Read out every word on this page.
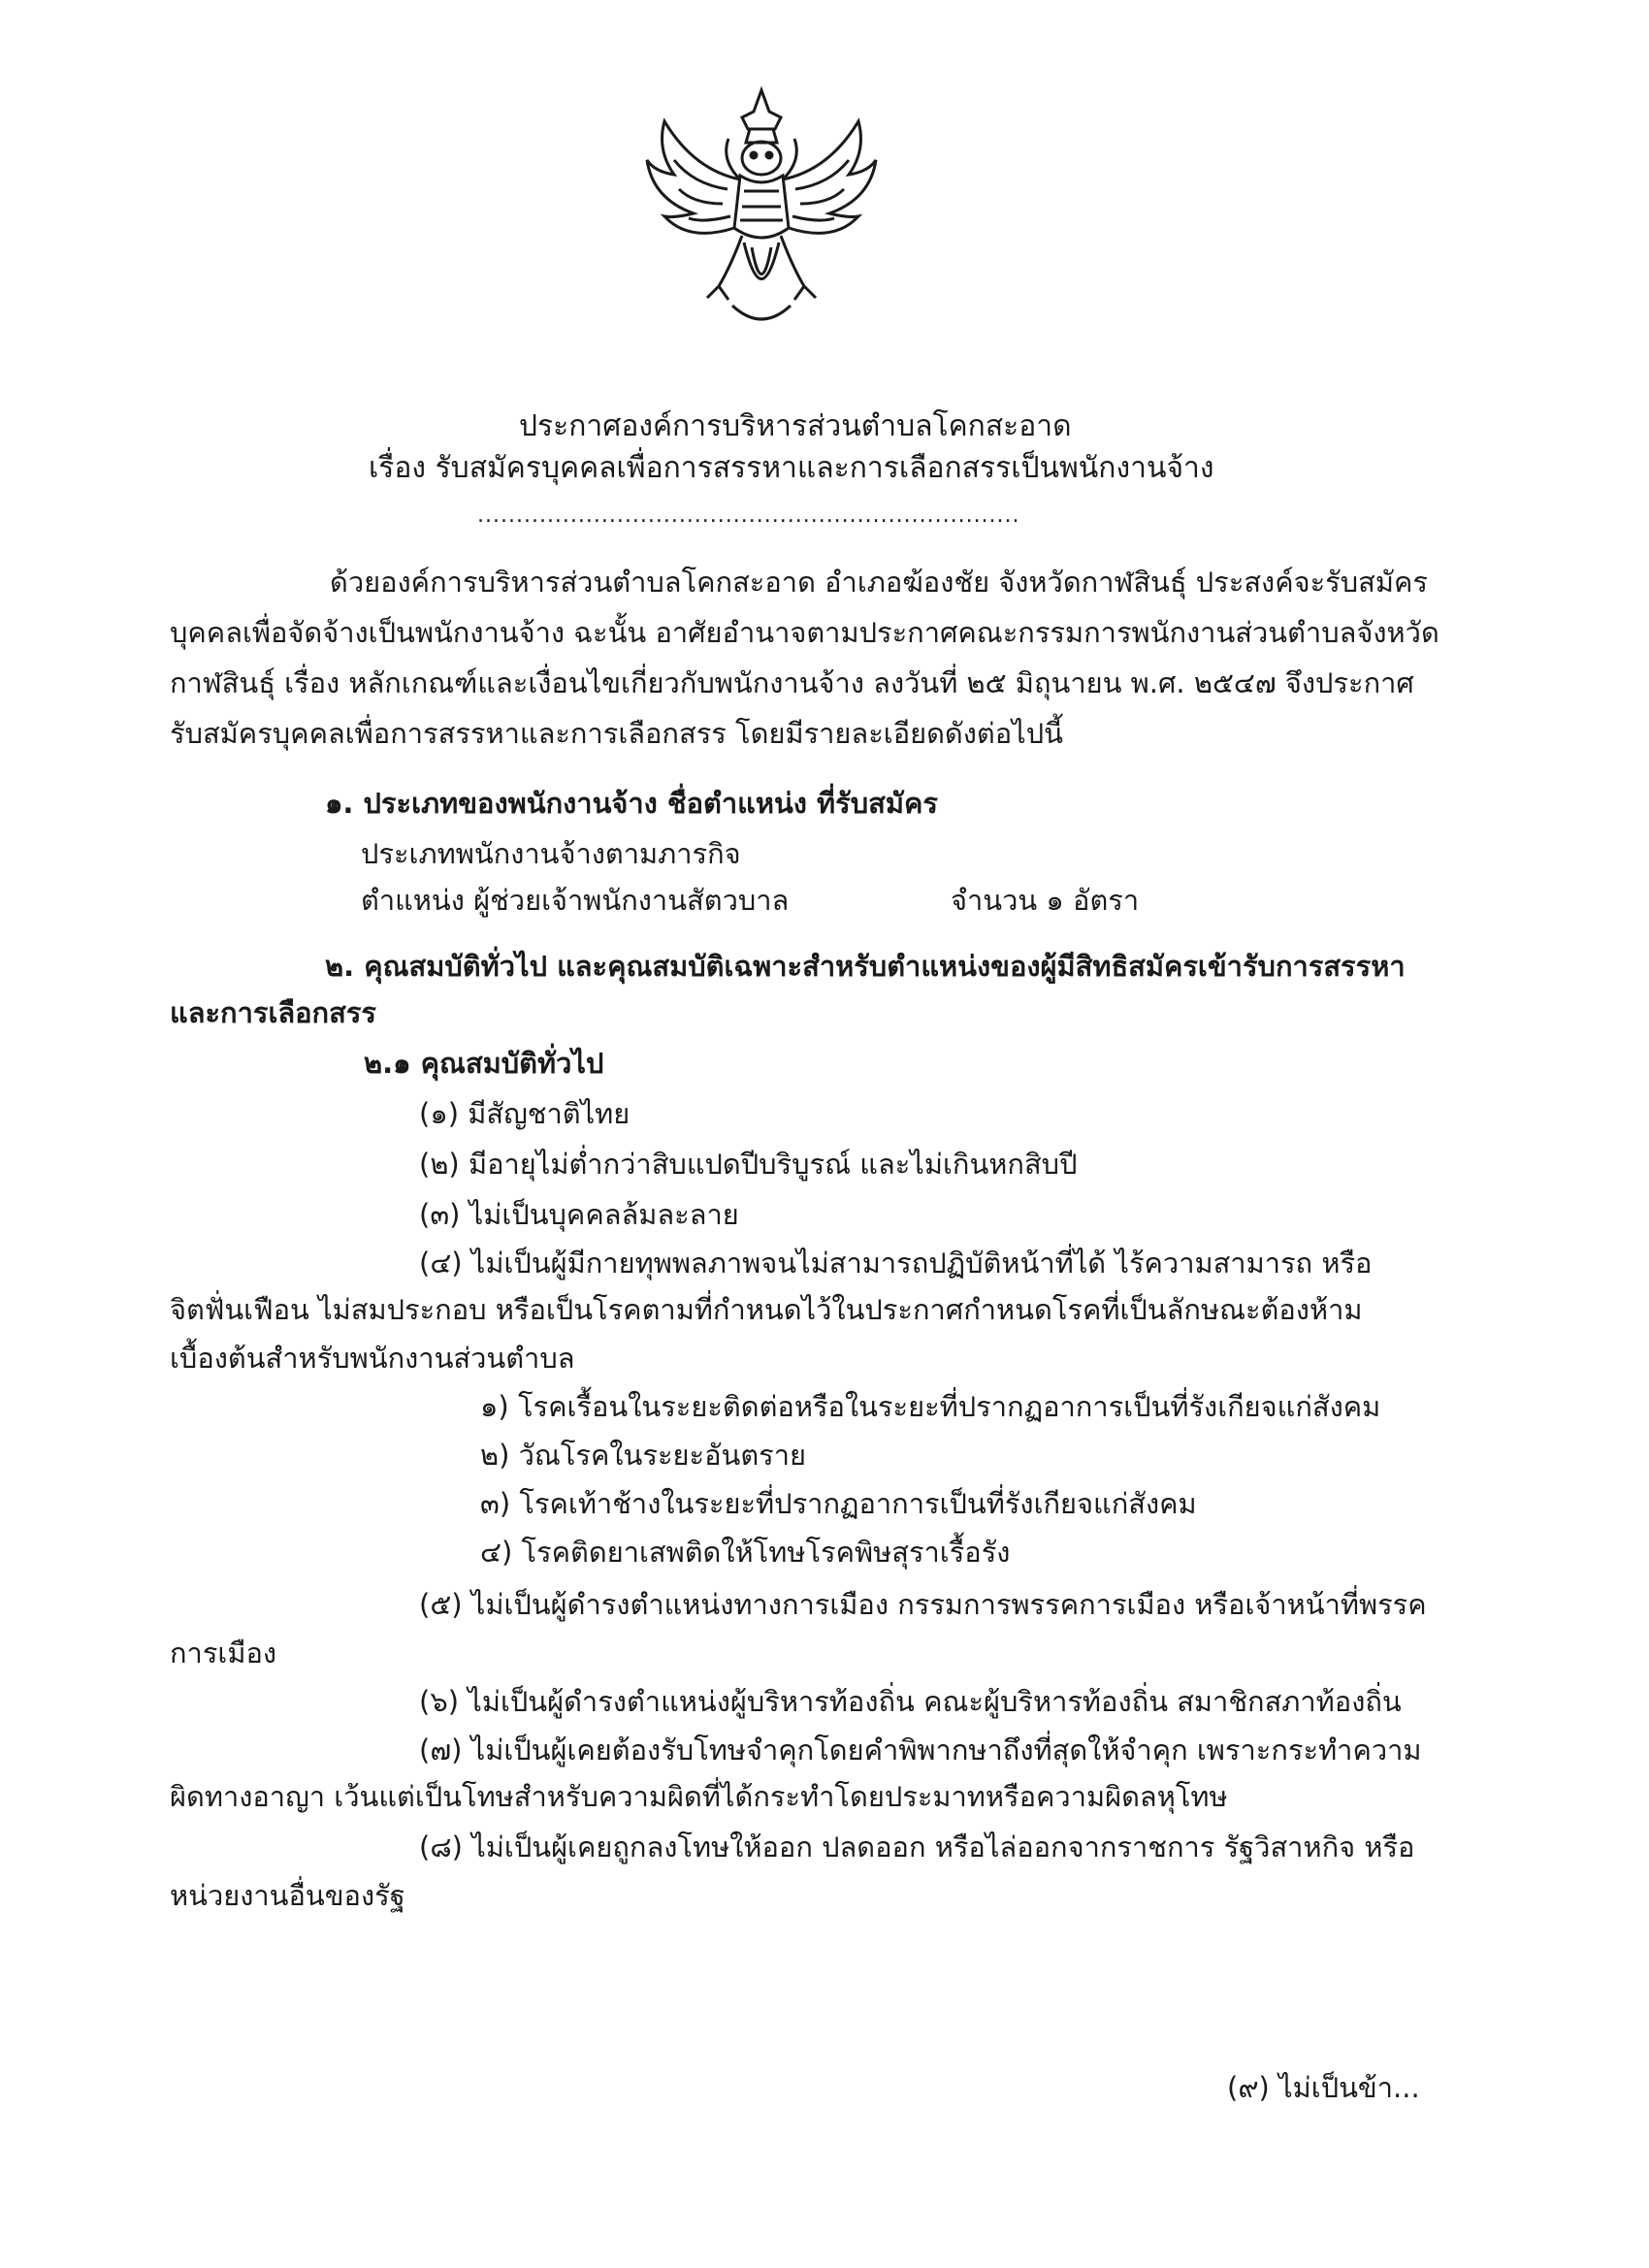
ประกาศองค์การบริหารส่วนตำบลโคกสะอาด
เรื่อง รับสมัครบุคคลเพื่อการสรรหาและการเลือกสรรเป็นพนักงานจ้าง
......................................................................
ด้วยองค์การบริหารส่วนตำบลโคกสะอาด อำเภอฆ้องชัย จังหวัดกาฬสินธุ์ ประสงค์จะรับสมัคร
บุคคลเพื่อจัดจ้างเป็นพนักงานจ้าง ฉะนั้น อาศัยอำนาจตามประกาศคณะกรรมการพนักงานส่วนตำบลจังหวัด
กาฬสินธุ์ เรื่อง หลักเกณฑ์และเงื่อนไขเกี่ยวกับพนักงานจ้าง ลงวันที่ ๒๕ มิถุนายน พ.ศ. ๒๕๔๗ จึงประกาศ
รับสมัครบุคคลเพื่อการสรรหาและการเลือกสรร โดยมีรายละเอียดดังต่อไปนี้
๑. ประเภทของพนักงานจ้าง ชื่อตำแหน่ง ที่รับสมัคร
ประเภทพนักงานจ้างตามภารกิจ
ตำแหน่ง ผู้ช่วยเจ้าพนักงานสัตวบาล	จำนวน ๑ อัตรา
๒. คุณสมบัติทั่วไป และคุณสมบัติเฉพาะสำหรับตำแหน่งของผู้มีสิทธิสมัครเข้ารับการสรรหา
และการเลือกสรร
๒.๑ คุณสมบัติทั่วไป
(๑) มีสัญชาติไทย
(๒) มีอายุไม่ต่ำกว่าสิบแปดปีบริบูรณ์ และไม่เกินหกสิบปี
(๓) ไม่เป็นบุคคลล้มละลาย
(๔) ไม่เป็นผู้มีกายทุพพลภาพจนไม่สามารถปฏิบัติหน้าที่ได้ ไร้ความสามารถ หรือ
จิตฟั่นเฟือน ไม่สมประกอบ หรือเป็นโรคตามที่กำหนดไว้ในประกาศกำหนดโรคที่เป็นลักษณะต้องห้าม
เบื้องต้นสำหรับพนักงานส่วนตำบล
๑) โรคเรื้อนในระยะติดต่อหรือในระยะที่ปรากฏอาการเป็นที่รังเกียจแก่สังคม
๒) วัณโรคในระยะอันตราย
๓) โรคเท้าช้างในระยะที่ปรากฏอาการเป็นที่รังเกียจแก่สังคม
๔) โรคติดยาเสพติดให้โทษโรคพิษสุราเรื้อรัง
(๕) ไม่เป็นผู้ดำรงตำแหน่งทางการเมือง กรรมการพรรคการเมือง หรือเจ้าหน้าที่พรรค
การเมือง
(๖) ไม่เป็นผู้ดำรงตำแหน่งผู้บริหารท้องถิ่น คณะผู้บริหารท้องถิ่น สมาชิกสภาท้องถิ่น
(๗) ไม่เป็นผู้เคยต้องรับโทษจำคุกโดยคำพิพากษาถึงที่สุดให้จำคุก เพราะกระทำความ
ผิดทางอาญา เว้นแต่เป็นโทษสำหรับความผิดที่ได้กระทำโดยประมาทหรือความผิดลหุโทษ
(๘) ไม่เป็นผู้เคยถูกลงโทษให้ออก ปลดออก หรือไล่ออกจากราชการ รัฐวิสาหกิจ หรือ
หน่วยงานอื่นของรัฐ
(๙) ไม่เป็นข้า...
